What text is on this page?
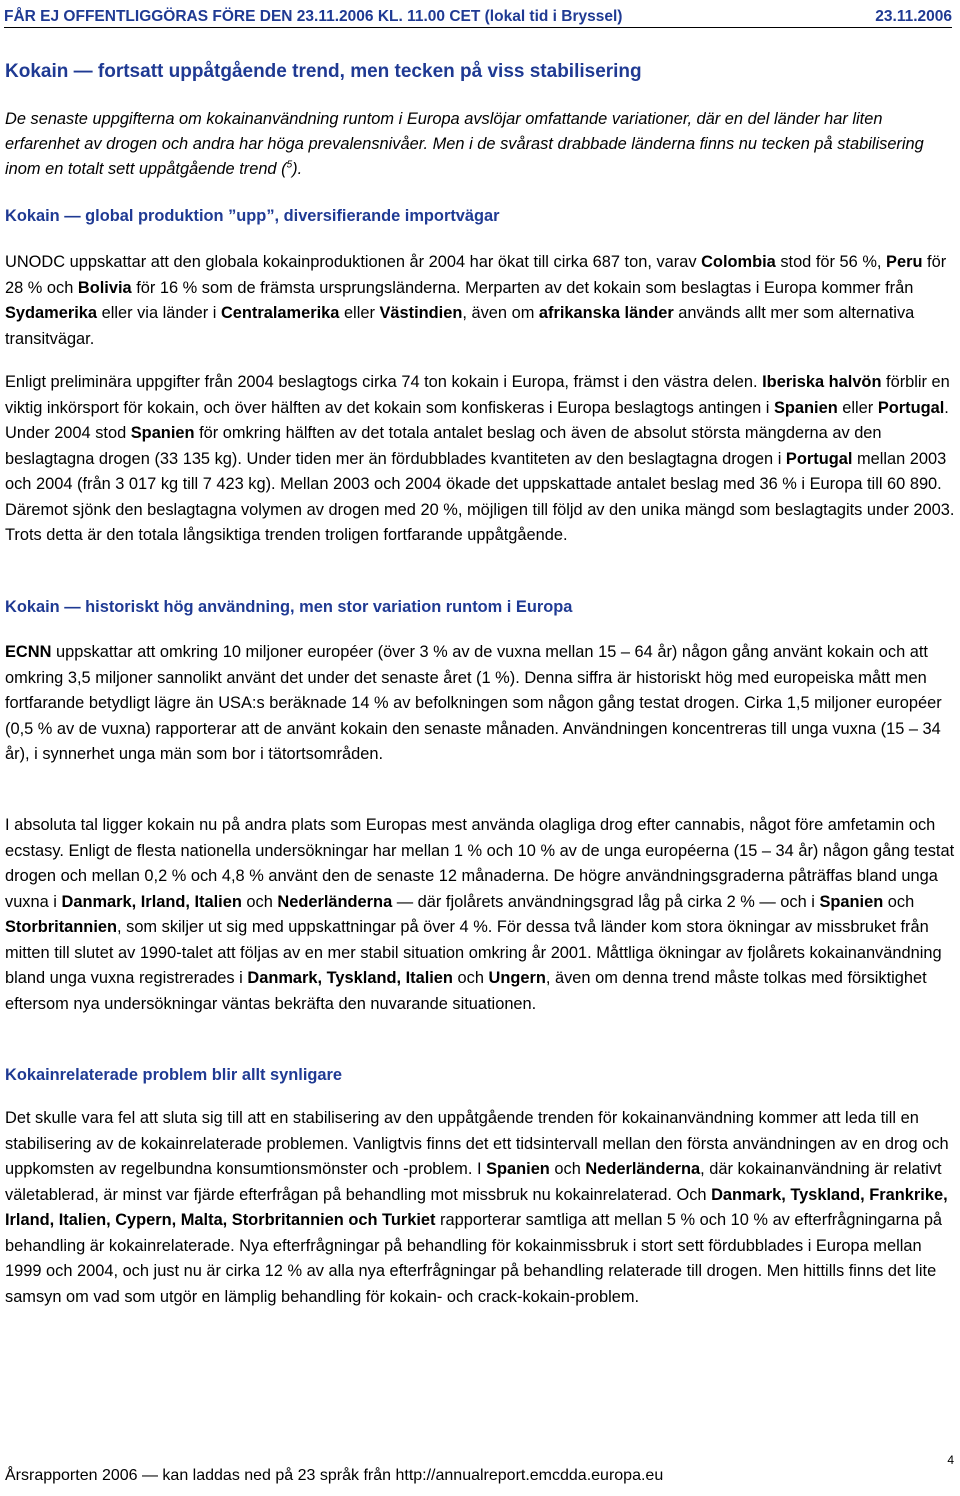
FÅR EJ OFFENTLIGGÖRAS FÖRE DEN 23.11.2006 KL. 11.00 CET (lokal tid i Bryssel)	23.11.2006
Kokain — fortsatt uppåtgående trend, men tecken på viss stabilisering
De senaste uppgifterna om kokainanvändning runtom i Europa avslöjar omfattande variationer, där en del länder har liten erfarenhet av drogen och andra har höga prevalensnivåer. Men i de svårast drabbade länderna finns nu tecken på stabilisering inom en totalt sett uppåtgående trend ($^5$).
Kokain — global produktion ”upp”, diversifierande importvägar
UNODC uppskattar att den globala kokainproduktionen år 2004 har ökat till cirka 687 ton, varav Colombia stod för 56 %, Peru för 28 % och Bolivia för 16 % som de främsta ursprungsländerna. Merparten av det kokain som beslagtas i Europa kommer från Sydamerika eller via länder i Centralamerika eller Västindien, även om afrikanska länder används allt mer som alternativa transitvägar.
Enligt preliminära uppgifter från 2004 beslagtogs cirka 74 ton kokain i Europa, främst i den västra delen. Iberiska halvön förblir en viktig inkörsport för kokain, och över hälften av det kokain som konfiskeras i Europa beslagtogs antingen i Spanien eller Portugal. Under 2004 stod Spanien för omkring hälften av det totala antalet beslag och även de absolut största mängderna av den beslagtagna drogen (33 135 kg). Under tiden mer än fördubblades kvantiteten av den beslagtagna drogen i Portugal mellan 2003 och 2004 (från 3 017 kg till 7 423 kg). Mellan 2003 och 2004 ökade det uppskattade antalet beslag med 36 % i Europa till 60 890. Däremot sjönk den beslagtagna volymen av drogen med 20 %, möjligen till följd av den unika mängd som beslagtagits under 2003. Trots detta är den totala långsiktiga trenden troligen fortfarande uppåtgående.
Kokain — historiskt hög användning, men stor variation runtom i Europa
ECNN uppskattar att omkring 10 miljoner européer (över 3 % av de vuxna mellan 15 – 64 år) någon gång använt kokain och att omkring 3,5 miljoner sannolikt använt det under det senaste året (1 %). Denna siffra är historiskt hög med europeiska mått men fortfarande betydligt lägre än USA:s beräknade 14 % av befolkningen som någon gång testat drogen. Cirka 1,5 miljoner européer (0,5 % av de vuxna) rapporterar att de använt kokain den senaste månaden. Användningen koncentreras till unga vuxna (15 – 34 år), i synnerhet unga män som bor i tätortsområden.
I absoluta tal ligger kokain nu på andra plats som Europas mest använda olagliga drog efter cannabis, något före amfetamin och ecstasy. Enligt de flesta nationella undersökningar har mellan 1 % och 10 % av de unga européerna (15 – 34 år) någon gång testat drogen och mellan 0,2 % och 4,8 % använt den de senaste 12 månaderna. De högre användningsgraderna påträffas bland unga vuxna i Danmark, Irland, Italien och Nederländerna — där fjolårets användningsgrad låg på cirka 2 % — och i Spanien och Storbritannien, som skiljer ut sig med uppskattningar på över 4 %. För dessa två länder kom stora ökningar av missbruket från mitten till slutet av 1990-talet att följas av en mer stabil situation omkring år 2001. Måttliga ökningar av fjolårets kokainanvändning bland unga vuxna registrerades i Danmark, Tyskland, Italien och Ungern, även om denna trend måste tolkas med försiktighet eftersom nya undersökningar väntas bekräfta den nuvarande situationen.
Kokainrelaterade problem blir allt synligare
Det skulle vara fel att sluta sig till att en stabilisering av den uppåtgående trenden för kokainanvändning kommer att leda till en stabilisering av de kokainrelaterade problemen. Vanligtvis finns det ett tidsintervall mellan den första användningen av en drog och uppkomsten av regelbundna konsumtionsmönster och -problem. I Spanien och Nederländerna, där kokainanvändning är relativt väletablerad, är minst var fjärde efterfrågan på behandling mot missbruk nu kokainrelaterad. Och Danmark, Tyskland, Frankrike, Irland, Italien, Cypern, Malta, Storbritannien och Turkiet rapporterar samtliga att mellan 5 % och 10 % av efterfrågningarna på behandling är kokainrelaterade. Nya efterfrågningar på behandling för kokainmissbruk i stort sett fördubblades i Europa mellan 1999 och 2004, och just nu är cirka 12 % av alla nya efterfrågningar på behandling relaterade till drogen. Men hittills finns det lite samsyn om vad som utgör en lämplig behandling för kokain- och crack-kokain-problem.
Årsrapporten 2006 — kan laddas ned på 23 språk från http://annualreport.emcdda.europa.eu
4
